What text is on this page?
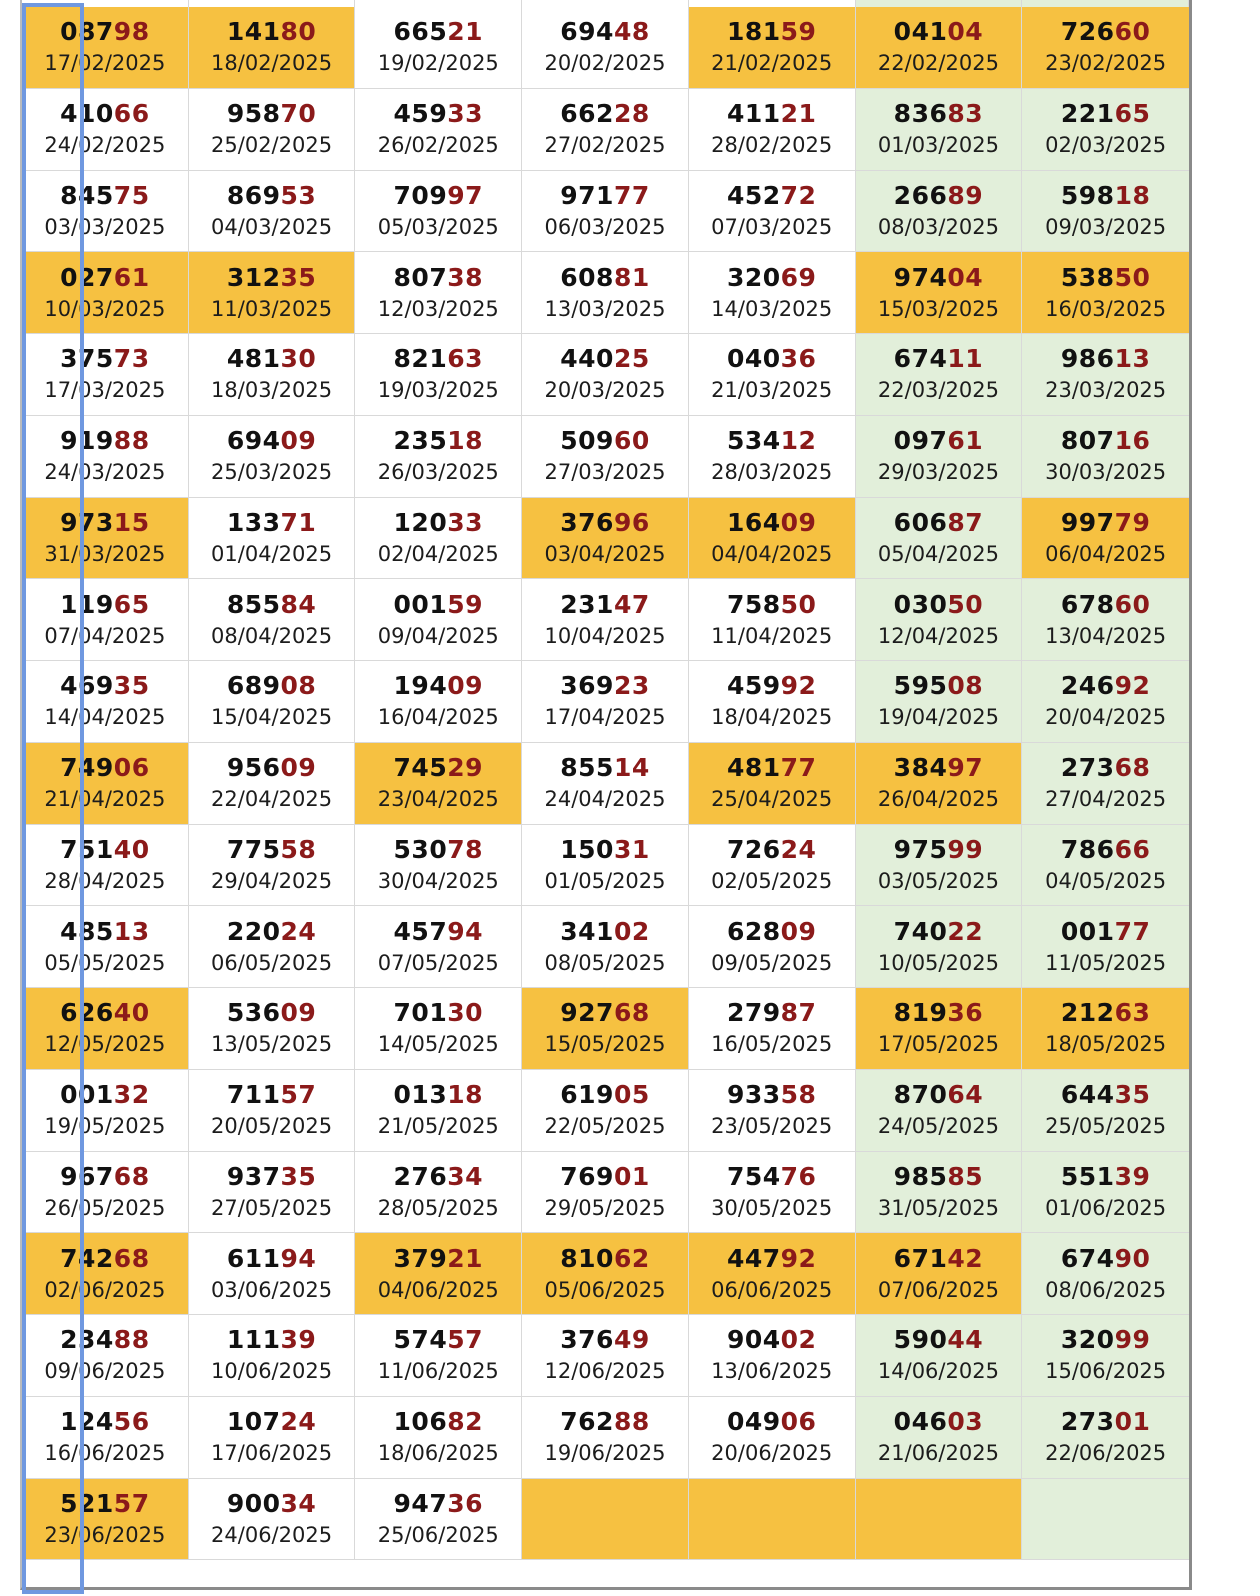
08798
17/02/2025
14180
18/02/2025
66521
19/02/2025
69448
20/02/2025
18159
21/02/2025
04104
22/02/2025
72660
23/02/2025
41066
24/02/2025
95870
25/02/2025
45933
26/02/2025
66228
27/02/2025
41121
28/02/2025
83683
01/03/2025
22165
02/03/2025
84575
03/03/2025
86953
04/03/2025
70997
05/03/2025
97177
06/03/2025
45272
07/03/2025
26689
08/03/2025
59818
09/03/2025
02761
10/03/2025
31235
11/03/2025
80738
12/03/2025
60881
13/03/2025
32069
14/03/2025
97404
15/03/2025
53850
16/03/2025
37573
17/03/2025
48130
18/03/2025
82163
19/03/2025
44025
20/03/2025
04036
21/03/2025
67411
22/03/2025
98613
23/03/2025
91988
24/03/2025
69409
25/03/2025
23518
26/03/2025
50960
27/03/2025
53412
28/03/2025
09761
29/03/2025
80716
30/03/2025
97315
31/03/2025
13371
01/04/2025
12033
02/04/2025
37696
03/04/2025
16409
04/04/2025
60687
05/04/2025
99779
06/04/2025
11965
07/04/2025
85584
08/04/2025
00159
09/04/2025
23147
10/04/2025
75850
11/04/2025
03050
12/04/2025
67860
13/04/2025
46935
14/04/2025
68908
15/04/2025
19409
16/04/2025
36923
17/04/2025
45992
18/04/2025
59508
19/04/2025
24692
20/04/2025
74906
21/04/2025
95609
22/04/2025
74529
23/04/2025
85514
24/04/2025
48177
25/04/2025
38497
26/04/2025
27368
27/04/2025
75140
28/04/2025
77558
29/04/2025
53078
30/04/2025
15031
01/05/2025
72624
02/05/2025
97599
03/05/2025
78666
04/05/2025
48513
05/05/2025
22024
06/05/2025
45794
07/05/2025
34102
08/05/2025
62809
09/05/2025
74022
10/05/2025
00177
11/05/2025
62640
12/05/2025
53609
13/05/2025
70130
14/05/2025
92768
15/05/2025
27987
16/05/2025
81936
17/05/2025
21263
18/05/2025
00132
19/05/2025
71157
20/05/2025
01318
21/05/2025
61905
22/05/2025
93358
23/05/2025
87064
24/05/2025
64435
25/05/2025
96768
26/05/2025
93735
27/05/2025
27634
28/05/2025
76901
29/05/2025
75476
30/05/2025
98585
31/05/2025
55139
01/06/2025
74268
02/06/2025
61194
03/06/2025
37921
04/06/2025
81062
05/06/2025
44792
06/06/2025
67142
07/06/2025
67490
08/06/2025
23488
09/06/2025
11139
10/06/2025
57457
11/06/2025
37649
12/06/2025
90402
13/06/2025
59044
14/06/2025
32099
15/06/2025
12456
16/06/2025
10724
17/06/2025
10682
18/06/2025
76288
19/06/2025
04906
20/06/2025
04603
21/06/2025
27301
22/06/2025
52157
23/06/2025
90034
24/06/2025
94736
25/06/2025
